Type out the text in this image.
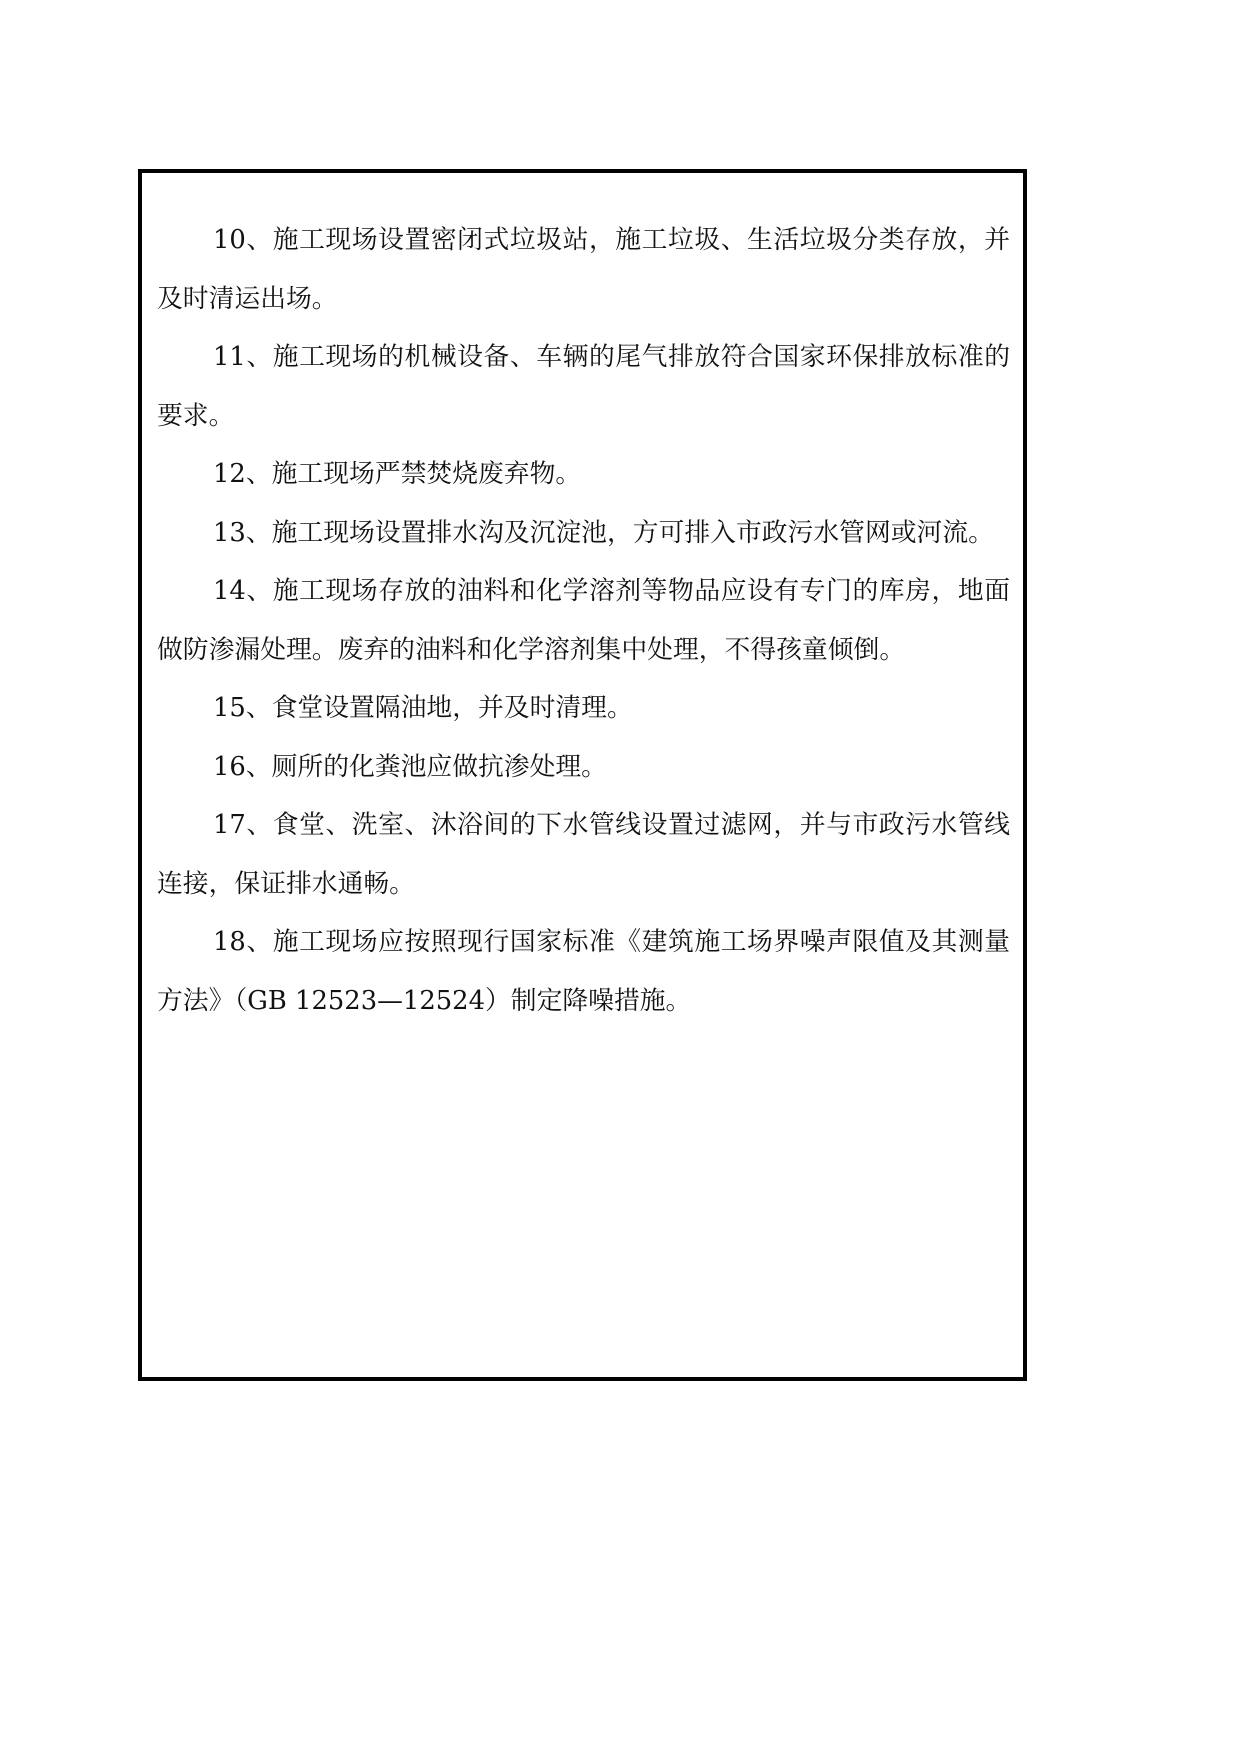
10、施工现场设置密闭式垃圾站，施工垃圾、生活垃圾分类存放，并及时清运出场。

11、施工现场的机械设备、车辆的尾气排放符合国家环保排放标准的要求。

12、施工现场严禁焚烧废弃物。

13、施工现场设置排水沟及沉淀池，方可排入市政污水管网或河流。

14、施工现场存放的油料和化学溶剂等物品应设有专门的库房，地面做防渗漏处理。废弃的油料和化学溶剂集中处理，不得孩童倾倒。

15、食堂设置隔油地，并及时清理。

16、厕所的化粪池应做抗渗处理。

17、食堂、洗室、沐浴间的下水管线设置过滤网，并与市政污水管线连接，保证排水通畅。

18、施工现场应按照现行国家标准《建筑施工场界噪声限值及其测量方法》（GB 12523—12524）制定降噪措施。
